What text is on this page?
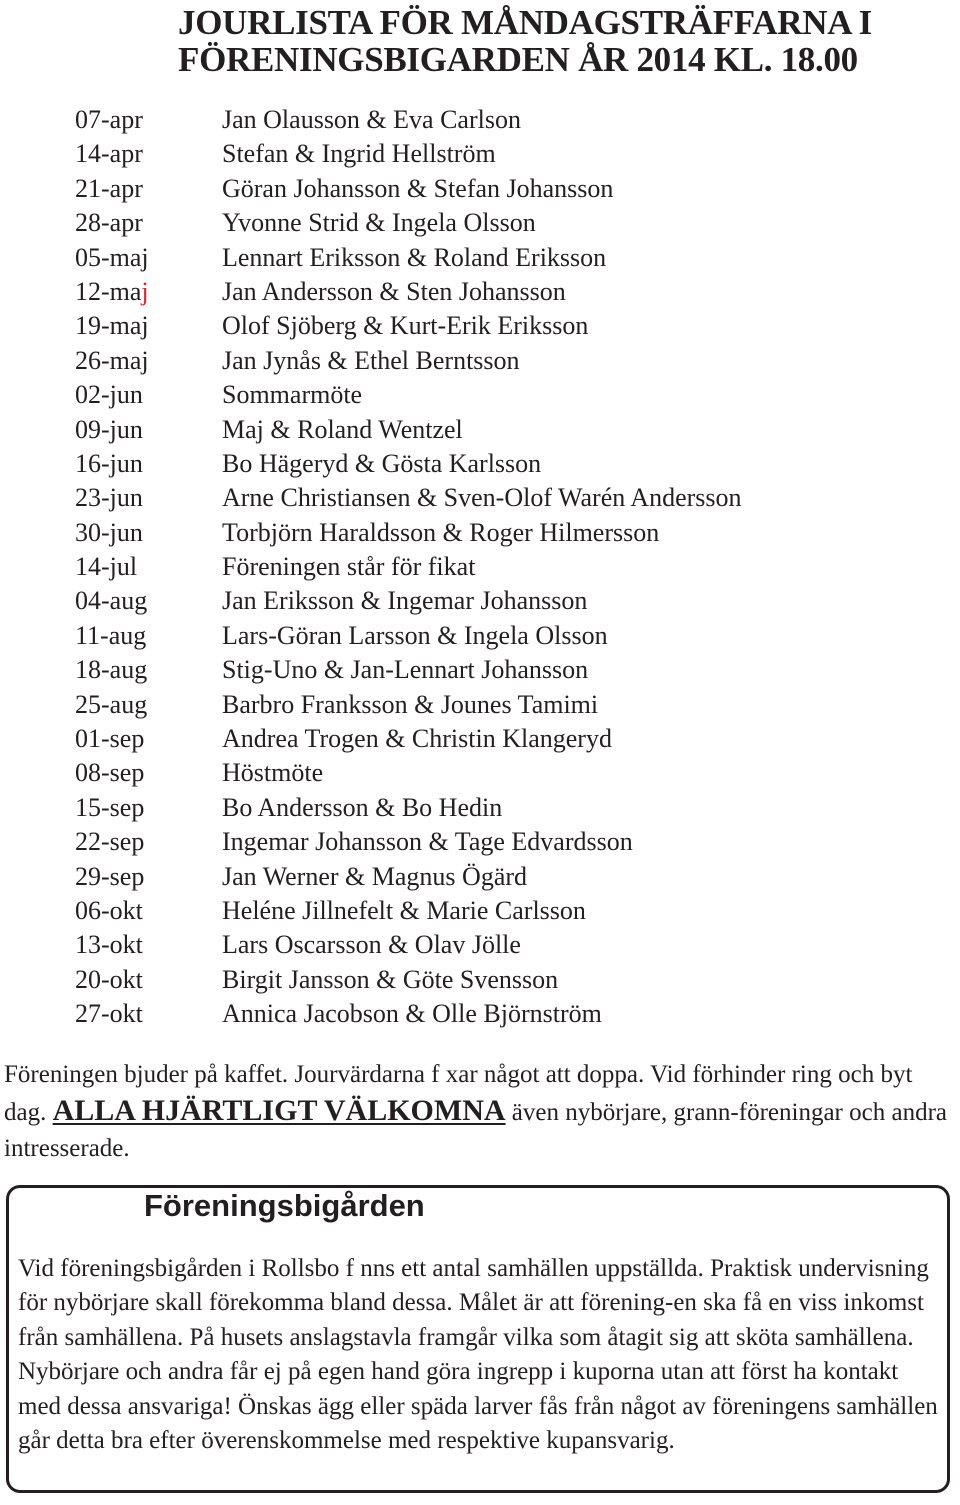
JOURLISTA FÖR MÅNDAGSTRÄFFARNA I
FÖRENINGSBIGARDEN ÅR 2014 KL. 18.00
07-apr	Jan Olausson & Eva Carlson
14-apr	Stefan & Ingrid Hellström
21-apr	Göran Johansson & Stefan Johansson
28-apr	Yvonne Strid & Ingela Olsson
05-maj	Lennart Eriksson & Roland Eriksson
12-maj	Jan Andersson & Sten Johansson
19-maj	Olof Sjöberg & Kurt-Erik Eriksson
26-maj	Jan Jynås & Ethel Berntsson
02-jun	Sommarmöte
09-jun	Maj & Roland Wentzel
16-jun	Bo Hägeryd & Gösta Karlsson
23-jun	Arne Christiansen & Sven-Olof Warén Andersson
30-jun	Torbjörn Haraldsson & Roger Hilmersson
14-jul	Föreningen står för fikat
04-aug	Jan Eriksson & Ingemar Johansson
11-aug	Lars-Göran Larsson & Ingela Olsson
18-aug	Stig-Uno & Jan-Lennart Johansson
25-aug	Barbro Franksson & Jounes Tamimi
01-sep	Andrea Trogen & Christin Klangeryd
08-sep	Höstmöte
15-sep	Bo Andersson & Bo Hedin
22-sep	Ingemar Johansson & Tage Edvardsson
29-sep	Jan Werner & Magnus Ögärd
06-okt	Heléne Jillnefelt & Marie Carlsson
13-okt	Lars Oscarsson & Olav Jölle
20-okt	Birgit Jansson & Göte Svensson
27-okt	Annica Jacobson & Olle Björnström

Föreningen bjuder på kaffet. Jourvärdarna f xar något att doppa. Vid förhinder ring och byt dag. ALLA HJÄRTLIGT VÄLKOMNA även nybörjare, grann-föreningar och andra intresserade.

Föreningsbigården

Vid föreningsbigården i Rollsbo f nns ett antal samhällen uppställda. Praktisk undervisning för nybörjare skall förekomma bland dessa. Målet är att förening-en ska få en viss inkomst från samhällena. På husets anslagstavla framgår vilka som åtagit sig att sköta samhällena. Nybörjare och andra får ej på egen hand göra ingrepp i kuporna utan att först ha kontakt med dessa ansvariga! Önskas ägg eller späda larver fås från något av föreningens samhällen går detta bra efter överenskommelse med respektive kupansvarig.
